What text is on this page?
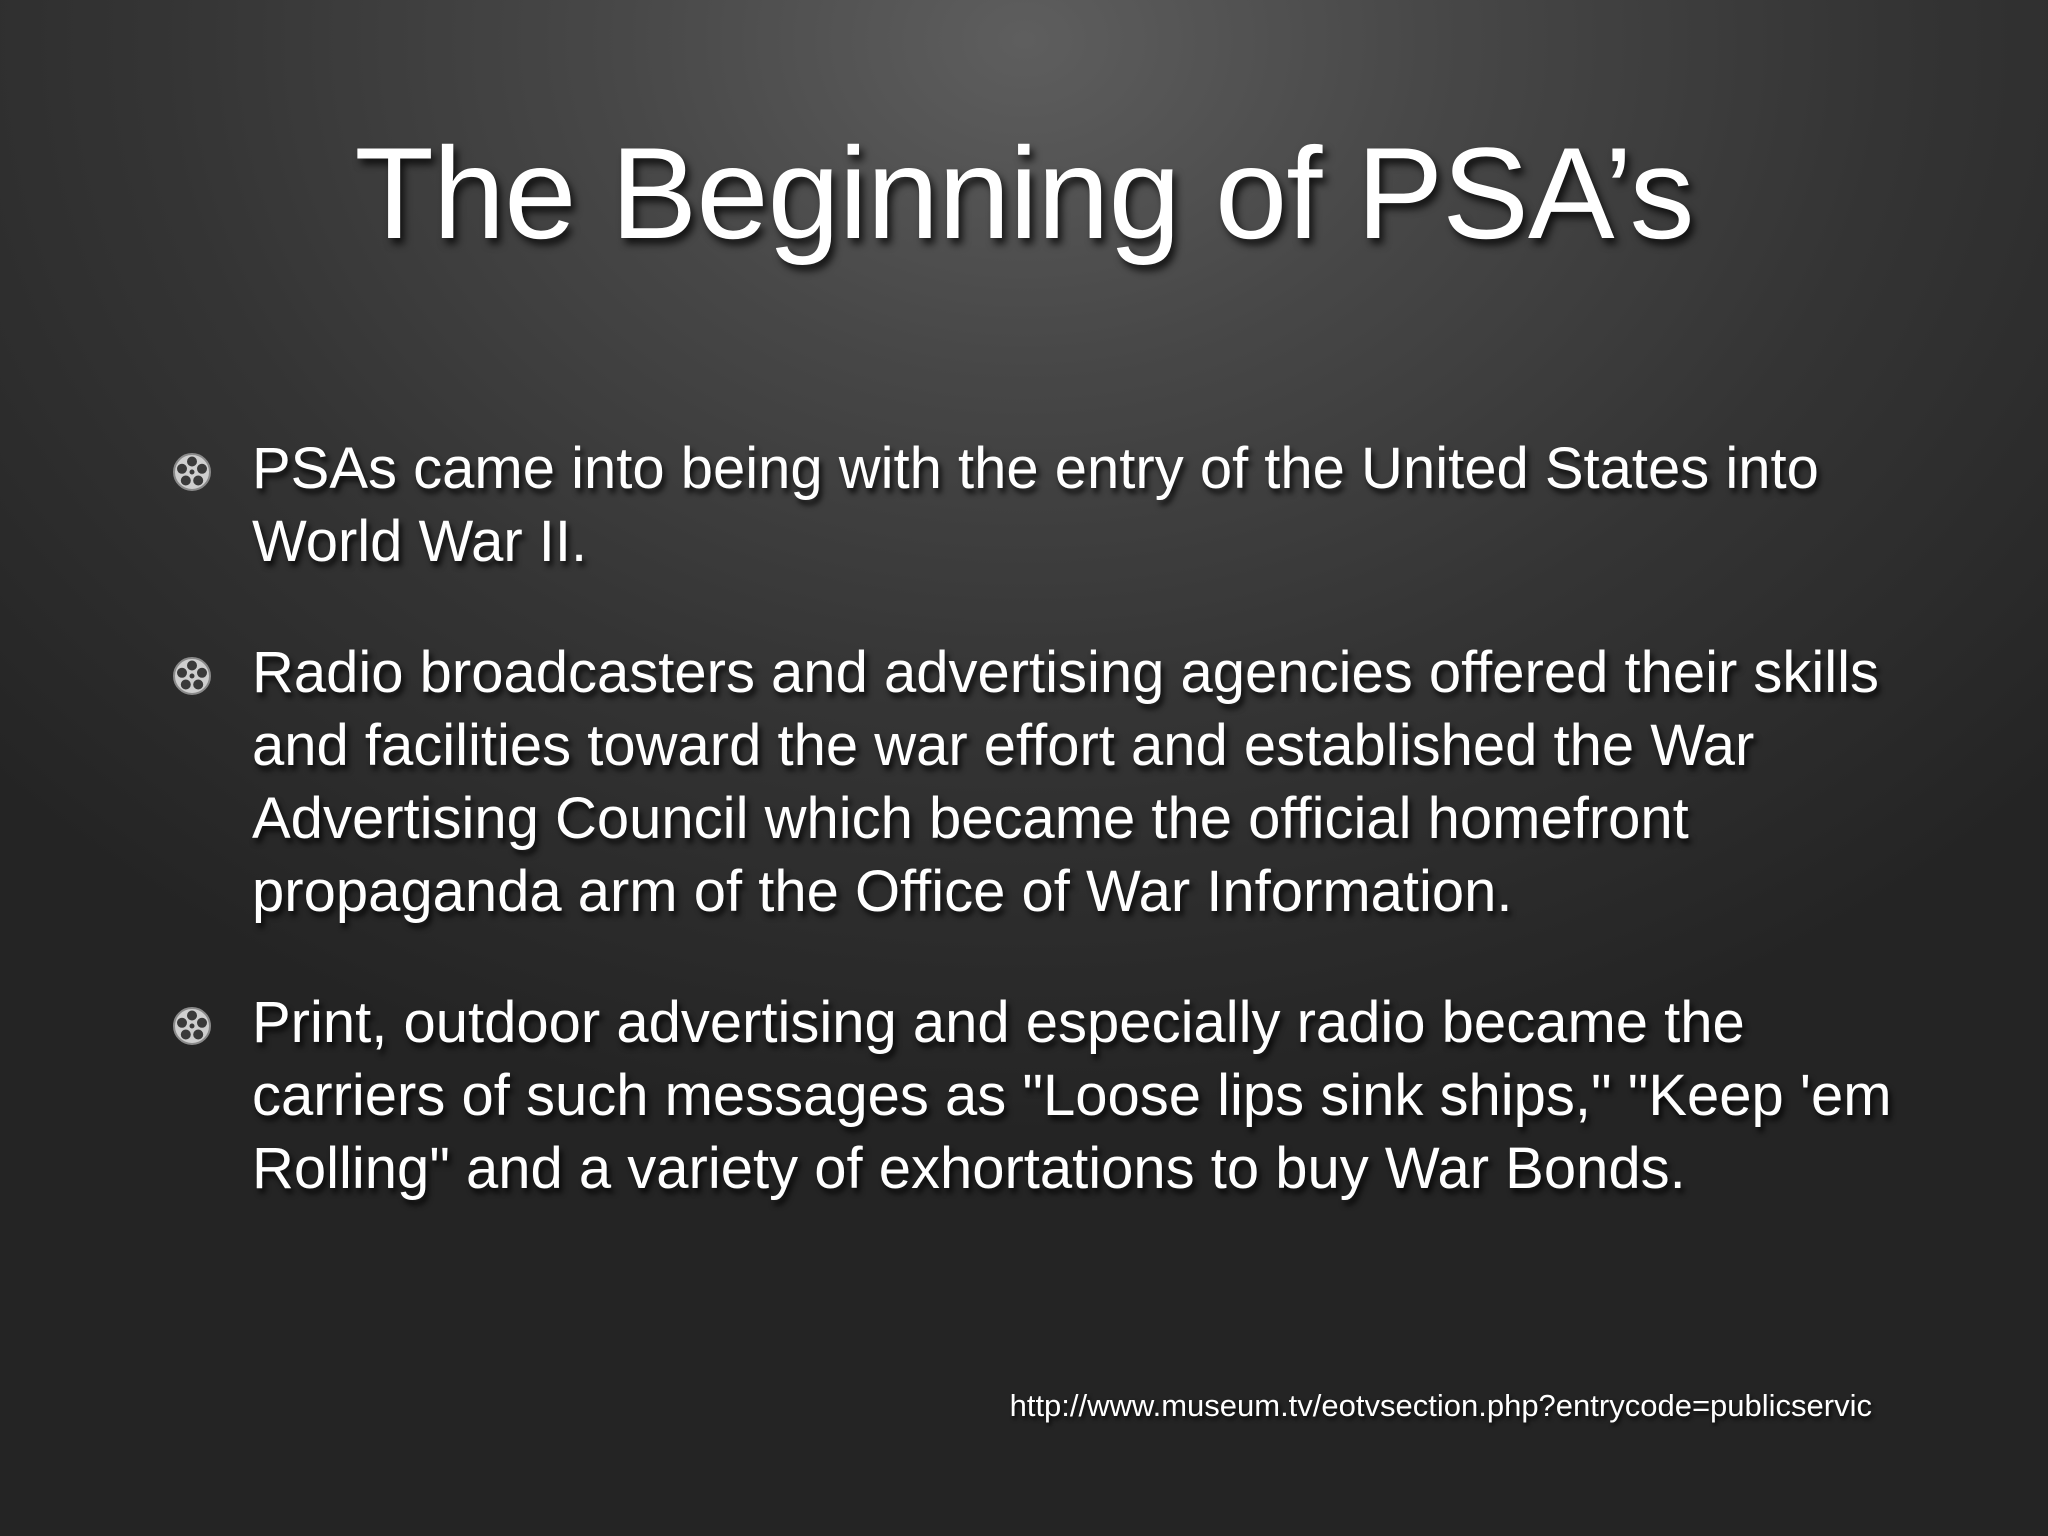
The Beginning of PSA’s
PSAs came into being with the entry of the United States into World War II.
Radio broadcasters and advertising agencies offered their skills and facilities toward the war effort and established the War Advertising Council which became the official homefront propaganda arm of the Office of War Information.
Print, outdoor advertising and especially radio became the carriers of such messages as "Loose lips sink ships," "Keep 'em Rolling" and a variety of exhortations to buy War Bonds.
http://www.museum.tv/eotvsection.php?entrycode=publicservic
